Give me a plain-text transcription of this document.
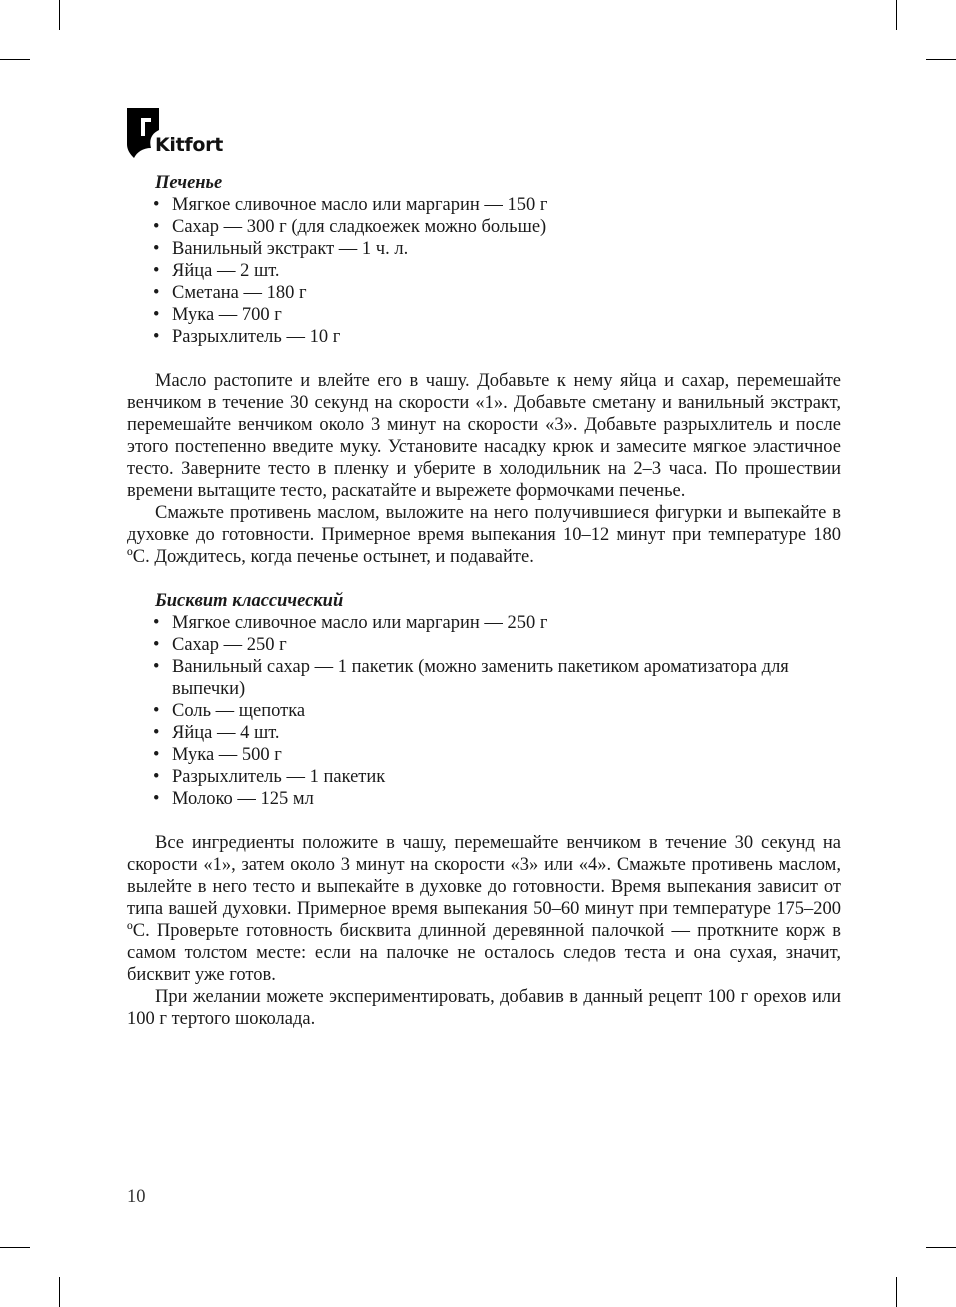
Kitfort
Печенье
• Мягкое сливочное масло или маргарин — 150 г
• Сахар — 300 г (для сладкоежек можно больше)
• Ванильный экстракт — 1 ч. л.
• Яйца — 2 шт.
• Сметана — 180 г
• Мука — 700 г
• Разрыхлитель — 10 г

Масло растопите и влейте его в чашу. Добавьте к нему яйца и сахар, перемешайте венчиком в течение 30 секунд на скорости «1». Добавьте сметану и ванильный экстракт, перемешайте венчиком около 3 минут на скорости «3». Добавьте разрыхлитель и после этого постепенно введите муку. Установите насадку крюк и замесите мягкое эластичное тесто. Заверните тесто в пленку и уберите в холодильник на 2–3 часа. По прошествии времени вытащите тесто, раскатайте и вырежете формочками печенье.

Смажьте противень маслом, выложите на него получившиеся фигурки и выпекайте в духовке до готовности. Примерное время выпекания 10–12 минут при температуре 180 ºС. Дождитесь, когда печенье остынет, и подавайте.

Бисквит классический
• Мягкое сливочное масло или маргарин — 250 г
• Сахар — 250 г
• Ванильный сахар — 1 пакетик (можно заменить пакетиком ароматизатора для выпечки)
• Соль — щепотка
• Яйца — 4 шт.
• Мука — 500 г
• Разрыхлитель — 1 пакетик
• Молоко — 125 мл

Все ингредиенты положите в чашу, перемешайте венчиком в течение 30 секунд на скорости «1», затем около 3 минут на скорости «3» или «4». Смажьте противень маслом, вылейте в него тесто и выпекайте в духовке до готовности. Время выпекания зависит от типа вашей духовки. Примерное время выпекания 50–60 минут при температуре 175–200 ºС. Проверьте готовность бисквита длинной деревянной палочкой — проткните корж в самом толстом месте: если на палочке не осталось следов теста и она сухая, значит, бисквит уже готов.

При желании можете экспериментировать, добавив в данный рецепт 100 г орехов или 100 г тертого шоколада.

10
